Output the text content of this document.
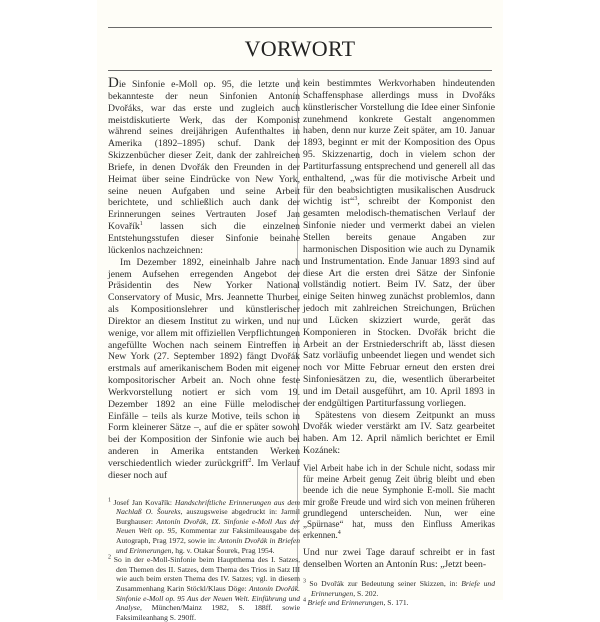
VORWORT

Die Sinfonie e-Moll op. 95, die letzte und bekannteste der neun Sinfonien Antonín Dvořáks, war das erste und zugleich auch meistdiskutierte Werk, das der Komponist während seines dreijährigen Aufenthaltes in Amerika (1892–1895) schuf. Dank der Skizzenbücher dieser Zeit, dank der zahlreichen Briefe, in denen Dvořák den Freunden in der Heimat über seine Eindrücke von New York, seine neuen Aufgaben und seine Arbeit berichtete, und schließlich auch dank der Erinnerungen seines Vertrauten Josef Jan Kovařík$^1$ lassen sich die einzelnen Entstehungsstufen dieser Sinfonie beinahe lückenlos nachzeichnen:

Im Dezember 1892, eineinhalb Jahre nach jenem Aufsehen erregenden Angebot der Präsidentin des New Yorker National Conservatory of Music, Mrs. Jeannette Thurber, als Kompositionslehrer und künstlerischer Direktor an diesem Institut zu wirken, und nur wenige, vor allem mit offiziellen Verpflichtungen angefüllte Wochen nach seinem Eintreffen in New York (27. September 1892) fängt Dvořák erstmals auf amerikanischem Boden mit eigener kompositorischer Arbeit an. Noch ohne feste Werkvorstellung notiert er sich vom 19. Dezember 1892 an eine Fülle melodischer Einfälle – teils als kurze Motive, teils schon in Form kleinerer Sätze –, auf die er später sowohl bei der Komposition der Sinfonie wie auch bei anderen in Amerika entstanden Werken verschiedentlich wieder zurückgriff$^2$. Im Verlauf dieser noch auf

$^1$ Josef Jan Kovařík: Handschriftliche Erinnerungen aus dem Nachlaß O. Šoureks, auszugsweise abgedruckt in: Jarmil Burghauser: Antonín Dvořák, IX. Sinfonie e-Moll Aus der Neuen Welt op. 95, Kommentar zur Faksimileausgabe des Autograph, Prag 1972, sowie in: Antonín Dvořák in Briefen und Erinnerungen, hg. v. Otakar Šourek, Prag 1954.

$^2$ So in der e-Moll-Sinfonie beim Hauptthema des I. Satzes, den Themen des II. Satzes, dem Thema des Trios in Satz III wie auch beim ersten Thema des IV. Satzes; vgl. in diesem Zusammenhang Karin Stöckl/Klaus Döge: Antonín Dvořák. Sinfonie e-Moll op. 95 Aus der Neuen Welt. Einführung und Analyse, München/Mainz 1982, S. 188ff. sowie Faksimileanhang S. 290ff.

kein bestimmtes Werkvorhaben hindeutenden Schaffensphase allerdings muss in Dvořáks künstlerischer Vorstellung die Idee einer Sinfonie zunehmend konkrete Gestalt angenommen haben, denn nur kurze Zeit später, am 10. Januar 1893, beginnt er mit der Komposition des Opus 95. Skizzenartig, doch in vielem schon der Partiturfassung entsprechend und generell all das enthaltend, „was für die motivische Arbeit und für den beabsichtigten musikalischen Ausdruck wichtig ist“$^3$, schreibt der Komponist den gesamten melodisch-thematischen Verlauf der Sinfonie nieder und vermerkt dabei an vielen Stellen bereits genaue Angaben zur harmonischen Disposition wie auch zu Dynamik und Instrumentation. Ende Januar 1893 sind auf diese Art die ersten drei Sätze der Sinfonie vollständig notiert. Beim IV. Satz, der über einige Seiten hinweg zunächst problemlos, dann jedoch mit zahlreichen Streichungen, Brüchen und Lücken skizziert wurde, gerät das Komponieren in Stocken. Dvořák bricht die Arbeit an der Erstniederschrift ab, lässt diesen Satz vorläufig unbeendet liegen und wendet sich noch vor Mitte Februar erneut den ersten drei Sinfoniesätzen zu, die, wesentlich überarbeitet und im Detail ausgeführt, am 10. April 1893 in der endgültigen Partiturfassung vorliegen.

Spätestens von diesem Zeitpunkt an muss Dvořák wieder verstärkt am IV. Satz gearbeitet haben. Am 12. April nämlich berichtet er Emil Kozánek:

Viel Arbeit habe ich in der Schule nicht, sodass mir für meine Arbeit genug Zeit übrig bleibt und eben beende ich die neue Symphonie E-moll. Sie macht mir große Freude und wird sich von meinen früheren grundlegend unterscheiden. Nun, wer eine „Spürnase“ hat, muss den Einfluss Amerikas erkennen.$^4$

Und nur zwei Tage darauf schreibt er in fast denselben Worten an Antonín Rus: „Jetzt been-

$^3$ So Dvořák zur Bedeutung seiner Skizzen, in: Briefe und Erinnerungen, S. 202.

$^4$ Briefe und Erinnerungen, S. 171.
